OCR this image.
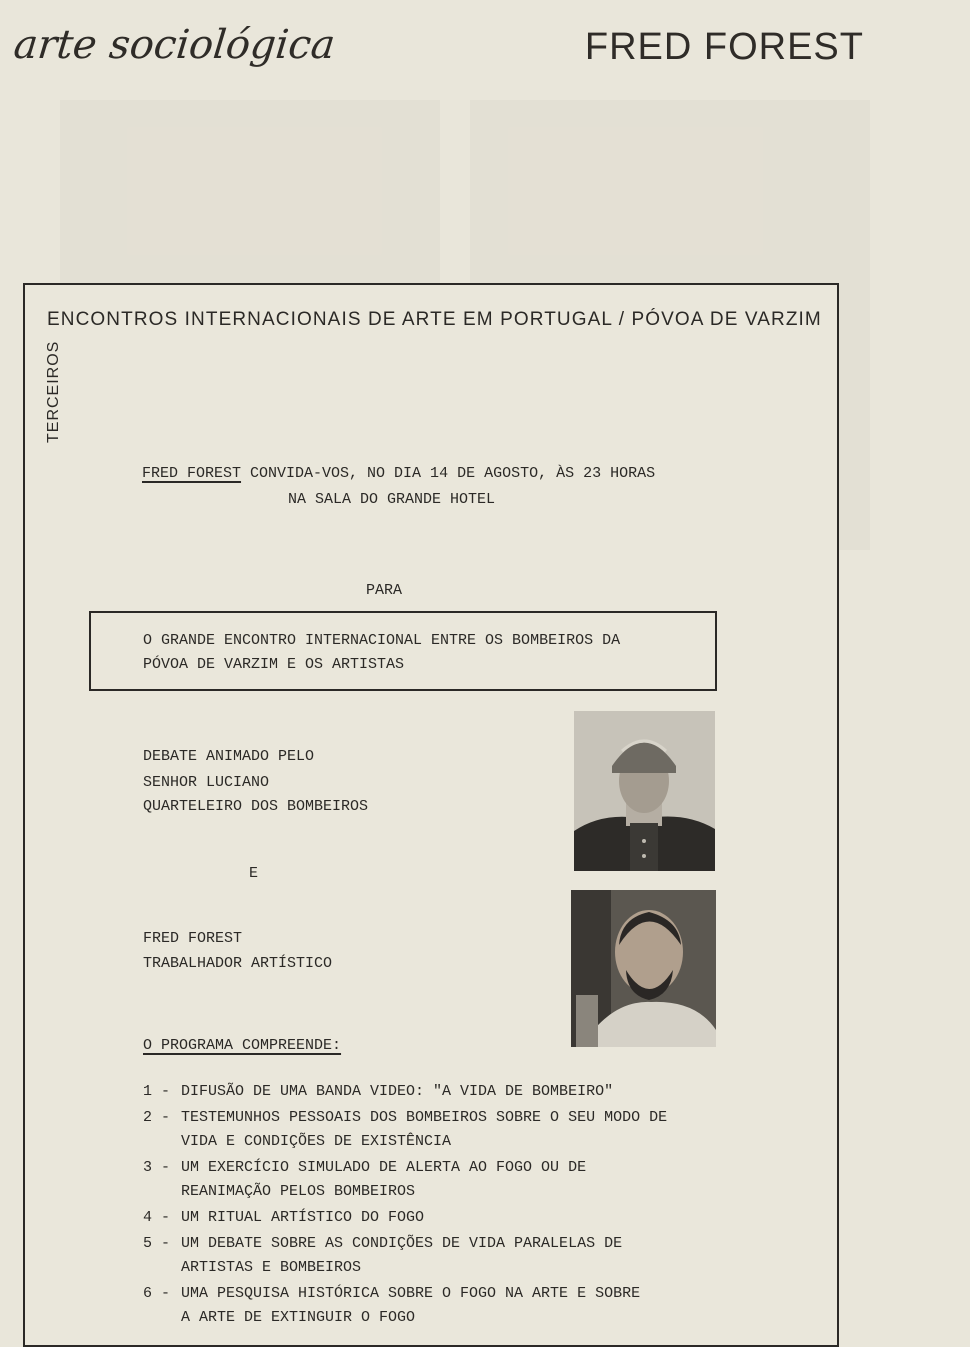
arte sociológica	FRED FOREST
ENCONTROS INTERNACIONAIS DE ARTE EM PORTUGAL / PÓVOA DE VARZIM
TERCEIROS
FRED FOREST CONVIDA-VOS, NO DIA 14 DE AGOSTO, ÀS 23 HORAS
NA SALA DO GRANDE HOTEL
PARA
O GRANDE ENCONTRO INTERNACIONAL ENTRE OS BOMBEIROS DA
PÓVOA DE VARZIM E OS ARTISTAS
DEBATE ANIMADO PELO
SENHOR LUCIANO
QUARTELEIRO DOS BOMBEIROS
E
FRED FOREST
TRABALHADOR ARTÍSTICO
O PROGRAMA COMPREENDE:
1 - DIFUSÃO DE UMA BANDA VIDEO: "A VIDA DE BOMBEIRO"
2 - TESTEMUNHOS PESSOAIS DOS BOMBEIROS SOBRE O SEU MODO DE
VIDA E CONDIÇÕES DE EXISTÊNCIA
3 - UM EXERCÍCIO SIMULADO DE ALERTA AO FOGO OU DE
REANIMAÇÃO PELOS BOMBEIROS
4 - UM RITUAL ARTÍSTICO DO FOGO
5 - UM DEBATE SOBRE AS CONDIÇÕES DE VIDA PARALELAS DE
ARTISTAS E BOMBEIROS
6 - UMA PESQUISA HISTÓRICA SOBRE O FOGO NA ARTE E SOBRE
A ARTE DE EXTINGUIR O FOGO
